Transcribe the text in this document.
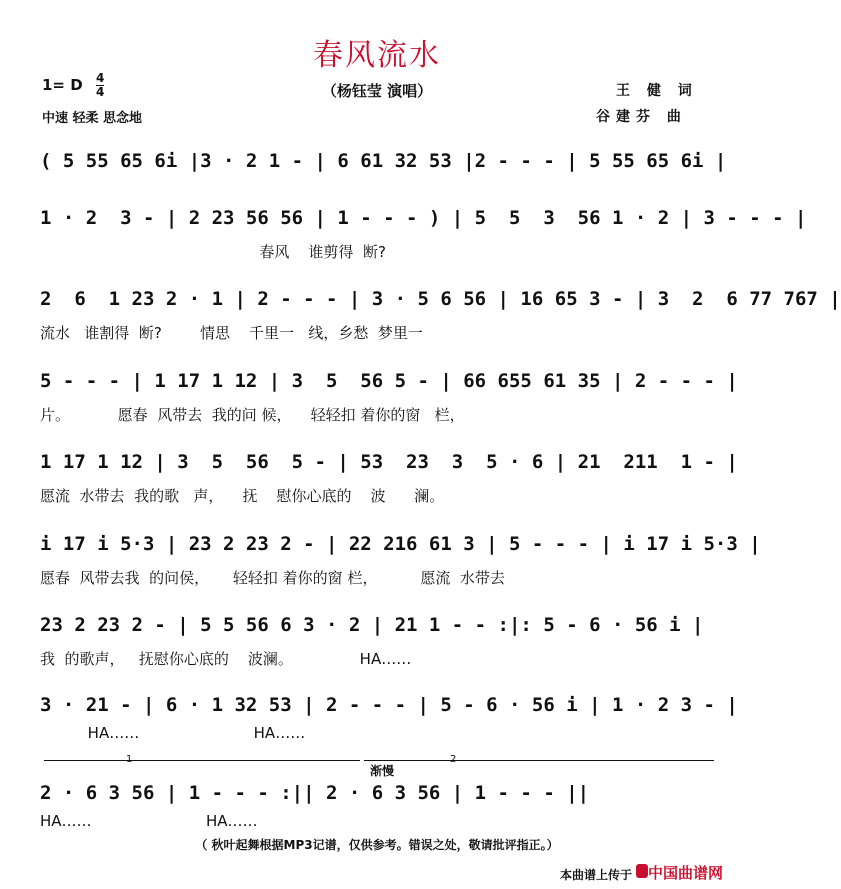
春风流水
（杨钰莹 演唱）
1= D $\frac{4}{4}$
中速 轻柔 思念地
王 健 词
谷建芬 曲
( 5 55 65 6i |3 · 2 1 - | 6 61 32 53 |2 - - - | 5 55 65 6i |
1 · 2  3 - | 2 23 56 56 | 1 - - - ) | 5  5  3  56 1 · 2 | 3 - - - |
春风    谁剪得  断?
2  6  1 23 2 · 1 | 2 - - - | 3 · 5 6 56 | 16 65 3 - | 3  2  6 77 767 |
流水   谁割得  断?        情思    千里一   线，乡愁  梦里一
5 - - - | 1 17 1 12 | 3  5  56 5 - | 66 655 61 35 | 2 - - - |
片。          愿春  风带去  我的问 候，    轻轻扣 着你的窗   栏，
1 17 1 12 | 3  5  56  5 - | 53  23  3  5 · 6 | 21  211  1 - |
愿流  水带去  我的歌   声，    抚    慰你心底的    波      澜。
i 17 i 5·3 | 23 2 23 2 - | 22 216 61 3 | 5 - - - | i 17 i 5·3 |
愿春  风带去我  的问侯，     轻轻扣 着你的窗 栏，         愿流  水带去
23 2 23 2 - | 5 5 56 6 3 · 2 | 21 1 - - :|: 5 - 6 · 56 i |
我  的歌声，   抚慰你心底的    波澜。              HA……
3 · 21 - | 6 · 1 32 53 | 2 - - - | 5 - 6 · 56 i | 1 · 2 3 - |
HA……                        HA……
渐慢
2 · 6 3 56 | 1 - - - :|| 2 · 6 3 56 | 1 - - - ||
HA……                        HA……
（ 秋叶起舞根据MP3记谱，仅供参考。错误之处，敬请批评指正。）
本曲谱上传于 中国曲谱网
